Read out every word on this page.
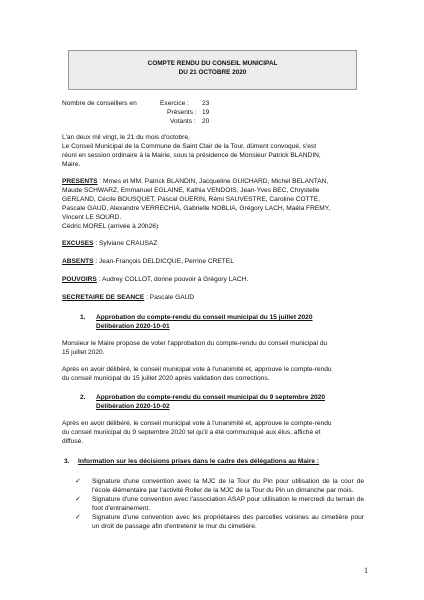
COMPTE RENDU DU CONSEIL MUNICIPAL
DU 21 OCTOBRE 2020
Nombre de conseillers en	Exercice : 23
Présents : 19
Votants : 20
L'an deux mil vingt, le 21 du mois d'octobre,
Le Conseil Municipal de la Commune de Saint Clair de la Tour, dûment convoqué, s'est
réuni en session ordinaire à la Mairie, sous la présidence de Monsieur Patrick BLANDIN,
Maire.
PRESENTS : Mmes et MM. Patrick BLANDIN, Jacqueline GUICHARD, Michel BELANTAN,
Maude SCHWARZ, Emmanuel EGLAINE, Kathia VENDOIS, Jean-Yves BEC, Chrystelle
GERLAND, Cécile BOUSQUET, Pascal GUERIN, Rémi SAUVESTRE, Caroline COTTE,
Pascale GAUD, Alexandre VERRECHIA, Gabrielle NOBLIA, Grégory LACH, Maéla FREMY,
Vincent LE SOURD.
Cédric MOREL (arrivée à 20h26)
EXCUSES : Sylviane CRAUSAZ
ABSENTS : Jean-François DELDICQUE, Perrine CRETEL
POUVOIRS : Audrey COLLOT, donne pouvoir à Grégory LACH.
SECRETAIRE DE SEANCE : Pascale GAUD
1. Approbation du compte-rendu du conseil municipal du 15 juillet 2020
Délibération 2020-10-01
Monsieur le Maire propose de voter l'approbation du compte-rendu du conseil municipal du
15 juillet 2020.
Après en avoir délibéré, le conseil municipal vote à l'unanimité et, approuve le compte-rendu
du conseil municipal du 15 juillet 2020 après validation des corrections.
2. Approbation du compte-rendu du conseil municipal du 9 septembre 2020
Délibération 2020-10-02
Après en avoir délibéré, le conseil municipal vote à l'unanimité et, approuve le compte-rendu
du conseil municipal du 9 septembre 2020 tel qu'il a été communiqué aux élus, affiché et
diffusé.
3. Information sur les décisions prises dans le cadre des délégations au Maire :
✓ Signature d'une convention avec la MJC de la Tour du Pin pour utilisation de la cour de l'école élémentaire par l'activité Roller de la MJC de la Tour du Pin un dimanche par mois.
✓ Signature d'une convention avec l'association ASAP pour utilisation le mercredi du terrain de foot d'entrainement.
✓ Signature d'une convention avec les propriétaires des parcelles voisines au cimetière pour un droit de passage afin d'entretenir le mur du cimetière.
1
